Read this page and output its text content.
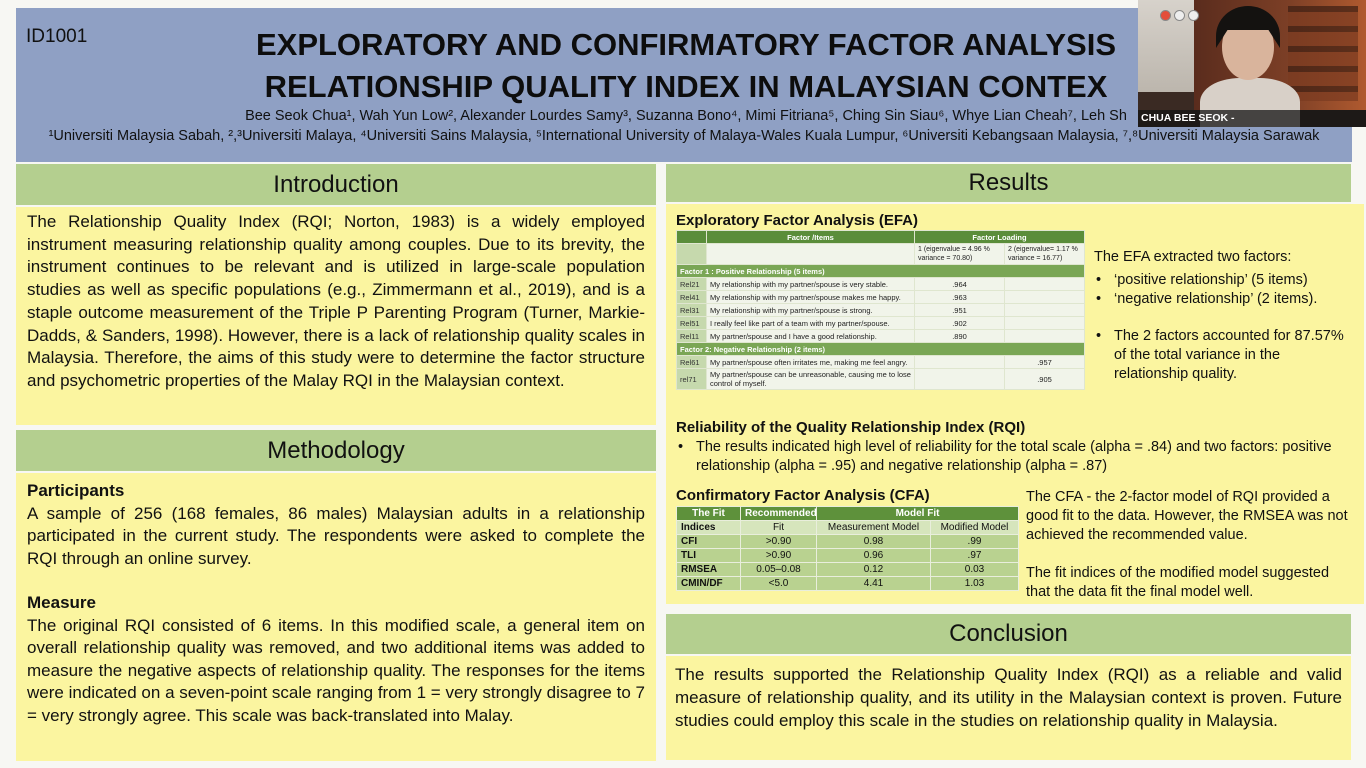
ID1001	EXPLORATORY AND CONFIRMATORY FACTOR ANALYSIS
RELATIONSHIP QUALITY INDEX IN MALAYSIAN CONTEX
Bee Seok Chua¹, Wah Yun Low², Alexander Lourdes Samy³, Suzanna Bono⁴, Mimi Fitriana⁵, Ching Sin Siau⁶, Whye Lian Cheah⁷, Leh Sh
¹Universiti Malaysia Sabah, ²,³Universiti Malaya, ⁴Universiti Sains Malaysia, ⁵International University of Malaya-Wales Kuala Lumpur, ⁶Universiti Kebangsaan Malaysia, ⁷,⁸Universiti Malaysia Sarawak
Introduction
The Relationship Quality Index (RQI; Norton, 1983) is a widely employed instrument measuring relationship quality among couples. Due to its brevity, the instrument continues to be relevant and is utilized in large-scale population studies as well as specific populations (e.g., Zimmermann et al., 2019), and is a staple outcome measurement of the Triple P Parenting Program (Turner, Markie-Dadds, & Sanders, 1998). However, there is a lack of relationship quality scales in Malaysia. Therefore, the aims of this study were to determine the factor structure and psychometric properties of the Malay RQI in the Malaysian context.
Methodology
Participants
A sample of 256 (168 females, 86 males) Malaysian adults in a relationship participated in the current study. The respondents were asked to complete the RQI through an online survey.
Measure
The original RQI consisted of 6 items. In this modified scale, a general item on overall relationship quality was removed, and two additional items was added to measure the negative aspects of relationship quality. The responses for the items were indicated on a seven-point scale ranging from 1 = very strongly disagree to 7 = very strongly agree. This scale was back-translated into Malay.
Results
Exploratory Factor Analysis (EFA)
	Factor /Items	Factor Loading	
		1 (eigenvalue = 4.96 % variance = 70.80)	2 (eigenvalue= 1.17 % variance = 16.77)
Factor 1 : Positive Relationship (5 items)			
Rel21	My relationship with my partner/spouse is very stable.	.964	
Rel41	My relationship with my partner/spouse makes me happy.	.963	
Rel31	My relationship with my partner/spouse is strong.	.951	
Rel51	I really feel like part of a team with my partner/spouse.	.902	
Rel11	My partner/spouse and I have a good relationship.	.890	
Factor 2: Negative Relationship (2 items)			
Rel61	My partner/spouse often irritates me, making me feel angry.		.957
rel71	My partner/spouse can be unreasonable, causing me to lose control of myself.		.905
The EFA extracted two factors:
• ‘positive relationship’ (5 items)
• ‘negative relationship’ (2 items).
• The 2 factors accounted for 87.57% of the total variance in the relationship quality.
Reliability of the Quality Relationship Index (RQI)
• The results indicated high level of reliability for the total scale (alpha = .84) and two factors: positive relationship (alpha = .95) and negative relationship (alpha = .87)
Confirmatory Factor Analysis (CFA)
The Fit	Recommended	Model Fit	
Indices	Fit	Measurement Model	Modified Model
CFI	>0.90	0.98	.99
TLI	>0.90	0.96	.97
RMSEA	0.05–0.08	0.12	0.03
CMIN/DF	<5.0	4.41	1.03
The CFA - the 2-factor model of RQI provided a good fit to the data. However, the RMSEA was not achieved the recommended value.
The fit indices of the modified model suggested that the data fit the final model well.
Conclusion
The results supported the Relationship Quality Index (RQI) as a reliable and valid measure of relationship quality, and its utility in the Malaysian context is proven. Future studies could employ this scale in the studies on relationship quality in Malaysia.
CHUA BEE SEOK -
